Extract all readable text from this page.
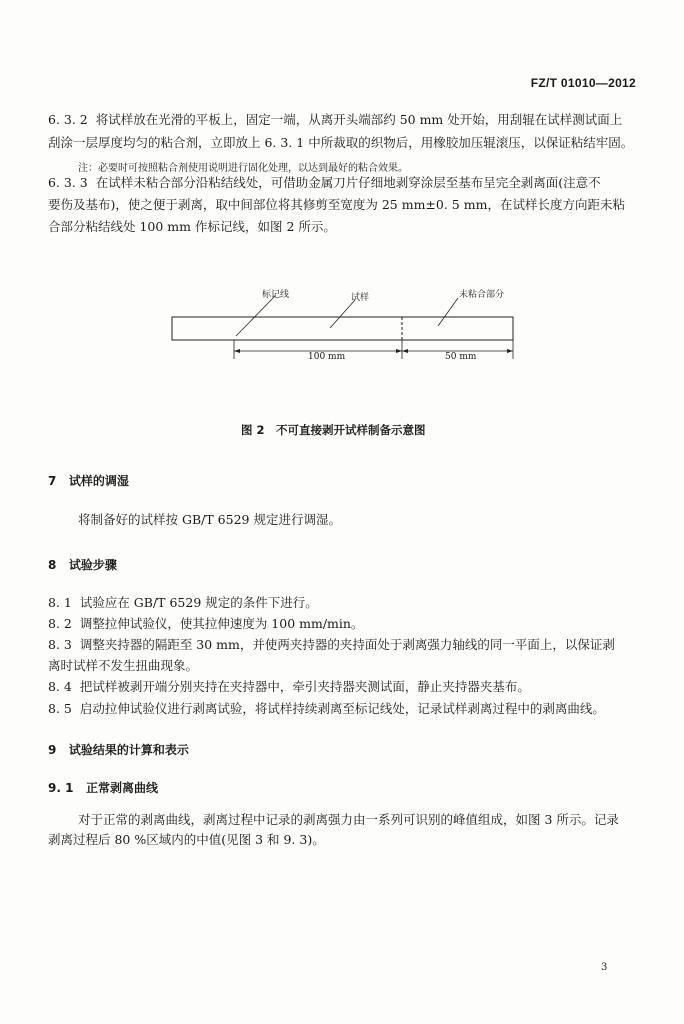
FZ/T 01010—2012
6. 3. 2 将试样放在光滑的平板上，固定一端，从离开头端部约 50 mm 处开始，用刮辊在试样测试面上
刮涂一层厚度均匀的粘合剂，立即放上 6. 3. 1 中所裁取的织物后，用橡胶加压辊滚压，以保证粘结牢固。
注：必要时可按照粘合剂使用说明进行固化处理，以达到最好的粘合效果。
6. 3. 3 在试样未粘合部分沿粘结线处，可借助金属刀片仔细地剥穿涂层至基布呈完全剥离面(注意不
要伤及基布)，使之便于剥离，取中间部位将其修剪至宽度为 25 mm±0. 5 mm，在试样长度方向距未粘
合部分粘结线处 100 mm 作标记线，如图 2 所示。
标记线	试样	未粘合部分
100 mm	50 mm
图 2　不可直接剥开试样制备示意图
7 试样的调湿
将制备好的试样按 GB/T 6529 规定进行调湿。
8 试验步骤
8. 1 试验应在 GB/T 6529 规定的条件下进行。
8. 2 调整拉伸试验仪，使其拉伸速度为 100 mm/min。
8. 3 调整夹持器的隔距至 30 mm，并使两夹持器的夹持面处于剥离强力轴线的同一平面上，以保证剥
离时试样不发生扭曲现象。
8. 4 把试样被剥开端分别夹持在夹持器中，牵引夹持器夹测试面，静止夹持器夹基布。
8. 5 启动拉伸试验仪进行剥离试验，将试样持续剥离至标记线处，记录试样剥离过程中的剥离曲线。
9 试验结果的计算和表示
9. 1 正常剥离曲线
对于正常的剥离曲线，剥离过程中记录的剥离强力由一系列可识别的峰值组成，如图 3 所示。记录
剥离过程后 80 %区域内的中值(见图 3 和 9. 3)。
3
